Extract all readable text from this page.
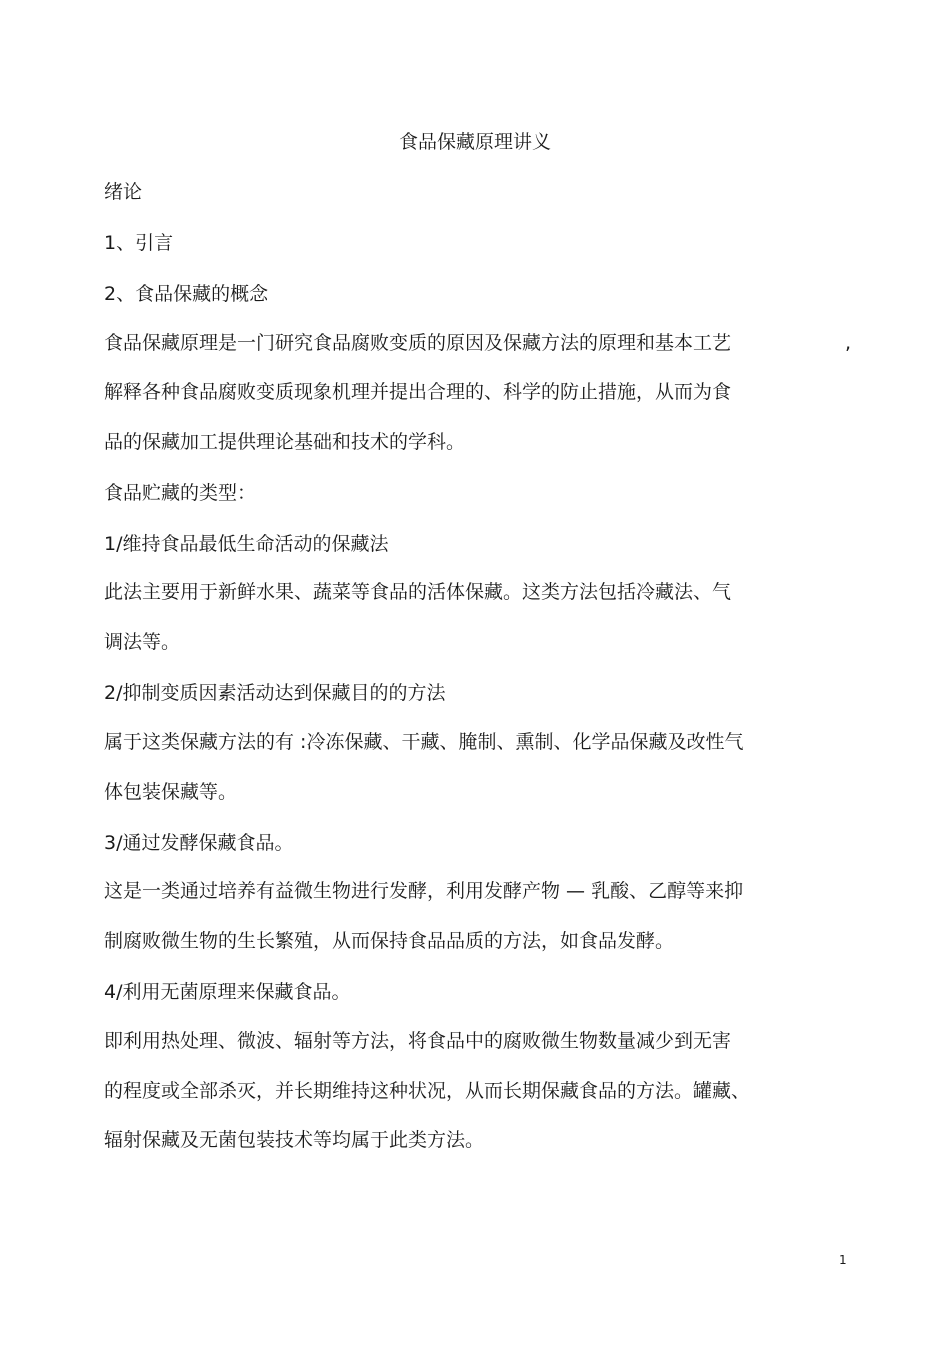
食品保藏原理讲义
绪论
1、引言
2、食品保藏的概念
食品保藏原理是一门研究食品腐败变质的原因及保藏方法的原理和基本工艺	,
解释各种食品腐败变质现象机理并提出合理的、科学的防止措施，从而为食
品的保藏加工提供理论基础和技术的学科。
食品贮藏的类型：
1/维持食品最低生命活动的保藏法
此法主要用于新鲜水果、蔬菜等食品的活体保藏。这类方法包括冷藏法、气
调法等。
2/抑制变质因素活动达到保藏目的的方法
属于这类保藏方法的有 :冷冻保藏、干藏、腌制、熏制、化学品保藏及改性气
体包装保藏等。
3/通过发酵保藏食品。
这是一类通过培养有益微生物进行发酵，利用发酵产物 — 乳酸、乙醇等来抑
制腐败微生物的生长繁殖，从而保持食品品质的方法，如食品发酵。
4/利用无菌原理来保藏食品。
即利用热处理、微波、辐射等方法，将食品中的腐败微生物数量减少到无害
的程度或全部杀灭，并长期维持这种状况，从而长期保藏食品的方法。罐藏、
辐射保藏及无菌包装技术等均属于此类方法。
1
